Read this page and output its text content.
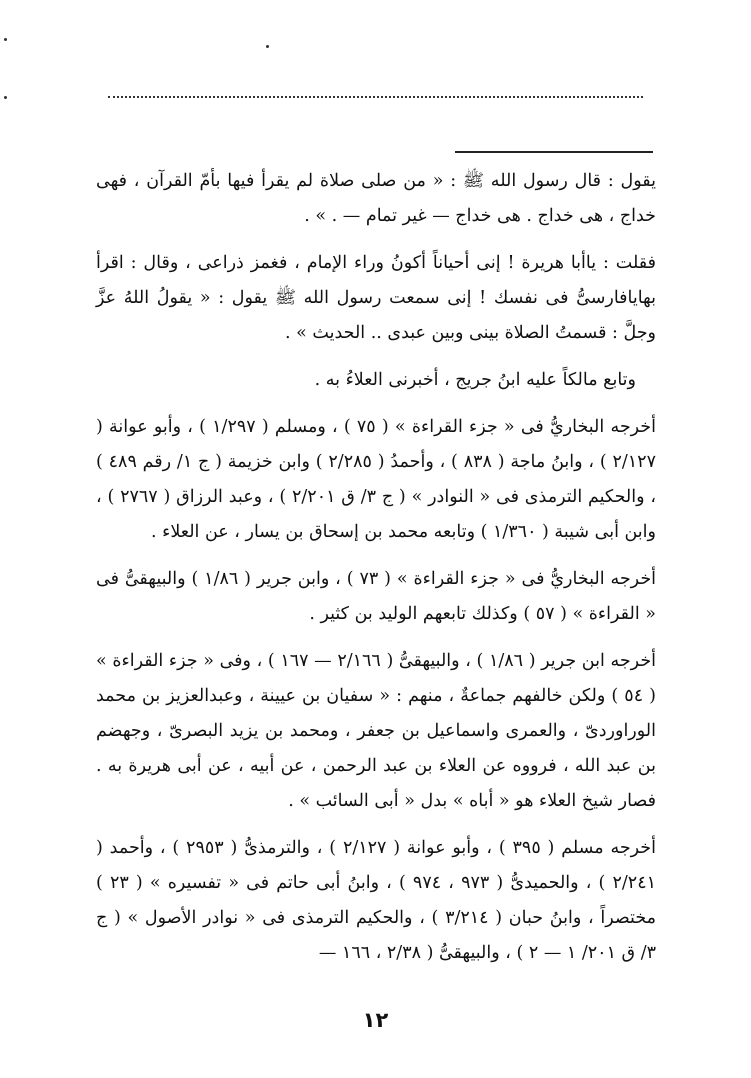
يقول : قال رسول الله ﷺ : « من صلى صلاة لم يقرأ فيها بأمّ القرآن ، فهى خداج ، هى خداج . هى خداج — غير تمام — . » .

فقلت : ياأبا هريرة ! إنى أحياناً أكونُ وراء الإمام ، فغمز ذراعى ، وقال : اقرأ بهايافارسىُّ فى نفسك ! إنى سمعت رسول الله ﷺ يقول : « يقولُ اللهُ عزَّ وجلَّ : قسمتُ الصلاة بينى وبين عبدى .. الحديث » .

وتابع مالكاً عليه ابنُ جريج ، أخبرنى العلاءُ به .

أخرجه البخاريُّ فى « جزء القراءة » ( ٧٥ ) ، ومسلم ( ١/٢٩٧ ) ، وأبو عوانة ( ٢/١٢٧ ) ، وابنُ ماجة ( ٨٣٨ ) ، وأحمدُ ( ٢/٢٨٥ ) وابن خزيمة ( ج ١/ رقم ٤٨٩ ) ، والحكيم الترمذى فى « النوادر » ( ج ٣/ ق ٢/٢٠١ ) ، وعبد الرزاق ( ٢٧٦٧ ) ، وابن أبى شيبة ( ١/٣٦٠ ) وتابعه محمد بن إسحاق بن يسار ، عن العلاء .

أخرجه البخاريُّ فى « جزء القراءة » ( ٧٣ ) ، وابن جرير ( ١/٨٦ ) والبيهقىُّ فى « القراءة » ( ٥٧ ) وكذلك تابعهم الوليد بن كثير .

أخرجه ابن جرير ( ١/٨٦ ) ، والبيهقىُّ ( ٢/١٦٦ — ١٦٧ ) ، وفى « جزء القراءة » ( ٥٤ ) ولكن خالفهم جماعةٌ ، منهم : « سفيان بن عيينة ، وعبدالعزيز بن محمد الوراوردىّ ، والعمرى واسماعيل بن جعفر ، ومحمد بن يزيد البصرىّ ، وجهضم بن عبد الله ، فرووه عن العلاء بن عبد الرحمن ، عن أبيه ، عن أبى هريرة به . فصار شيخ العلاء هو « أباه » بدل « أبى السائب » .

أخرجه مسلم ( ٣٩٥ ) ، وأبو عوانة ( ٢/١٢٧ ) ، والترمذىُّ ( ٢٩٥٣ ) ، وأحمد ( ٢/٢٤١ ) ، والحميدىُّ ( ٩٧٣ ، ٩٧٤ ) ، وابنُ أبى حاتم فى « تفسيره » ( ٢٣ ) مختصراً ، وابنُ حبان ( ٣/٢١٤ ) ، والحكيم الترمذى فى « نوادر الأصول » ( ج ٣/ ق ٢٠١/ ١ — ٢ ) ، والبيهقىُّ ( ٢/٣٨ ، ١٦٦ —

١٢
